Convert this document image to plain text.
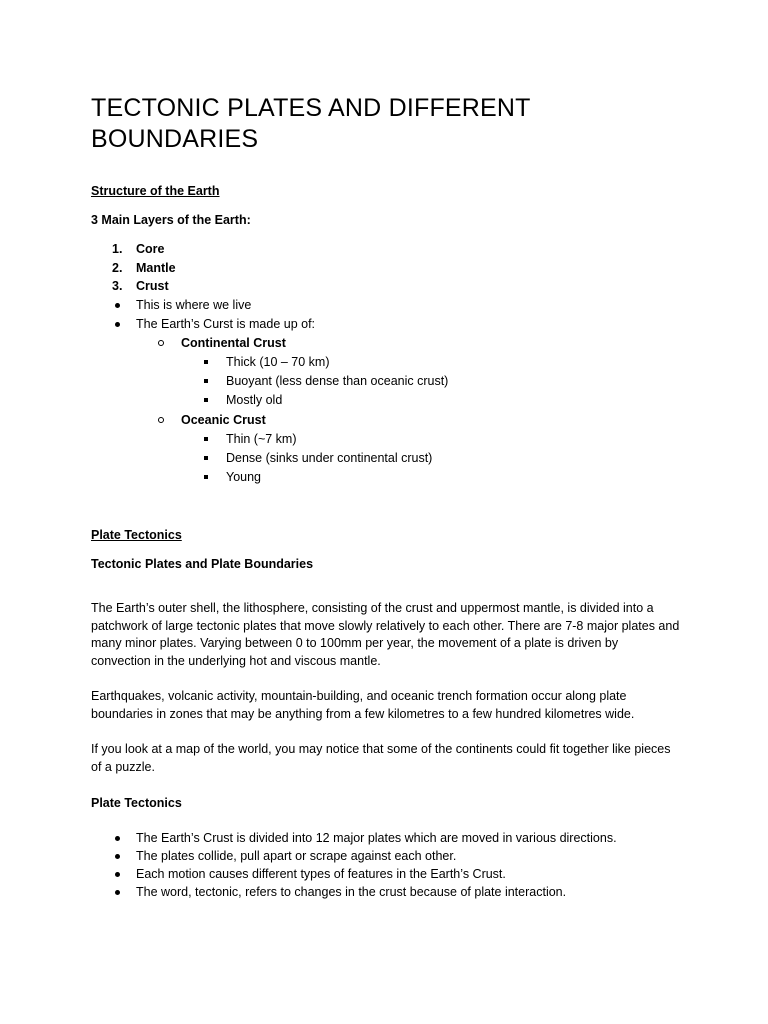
TECTONIC PLATES AND DIFFERENT BOUNDARIES

Structure of the Earth

3 Main Layers of the Earth:

1. Core

2. Mantle

3. Crust

This is where we live

The Earth’s Curst is made up of:

Continental Crust

Thick (10 – 70 km)

Buoyant (less dense than oceanic crust)

Mostly old

Oceanic Crust

Thin (~7 km)

Dense (sinks under continental crust)

Young

Plate Tectonics

Tectonic Plates and Plate Boundaries

The Earth’s outer shell, the lithosphere, consisting of the crust and uppermost mantle, is divided into a patchwork of large tectonic plates that move slowly relatively to each other. There are 7-8 major plates and many minor plates. Varying between 0 to 100mm per year, the movement of a plate is driven by convection in the underlying hot and viscous mantle.

Earthquakes, volcanic activity, mountain-building, and oceanic trench formation occur along plate boundaries in zones that may be anything from a few kilometres to a few hundred kilometres wide.

If you look at a map of the world, you may notice that some of the continents could fit together like pieces of a puzzle.

Plate Tectonics

The Earth’s Crust is divided into 12 major plates which are moved in various directions.

The plates collide, pull apart or scrape against each other.

Each motion causes different types of features in the Earth’s Crust.

The word, tectonic, refers to changes in the crust because of plate interaction.
